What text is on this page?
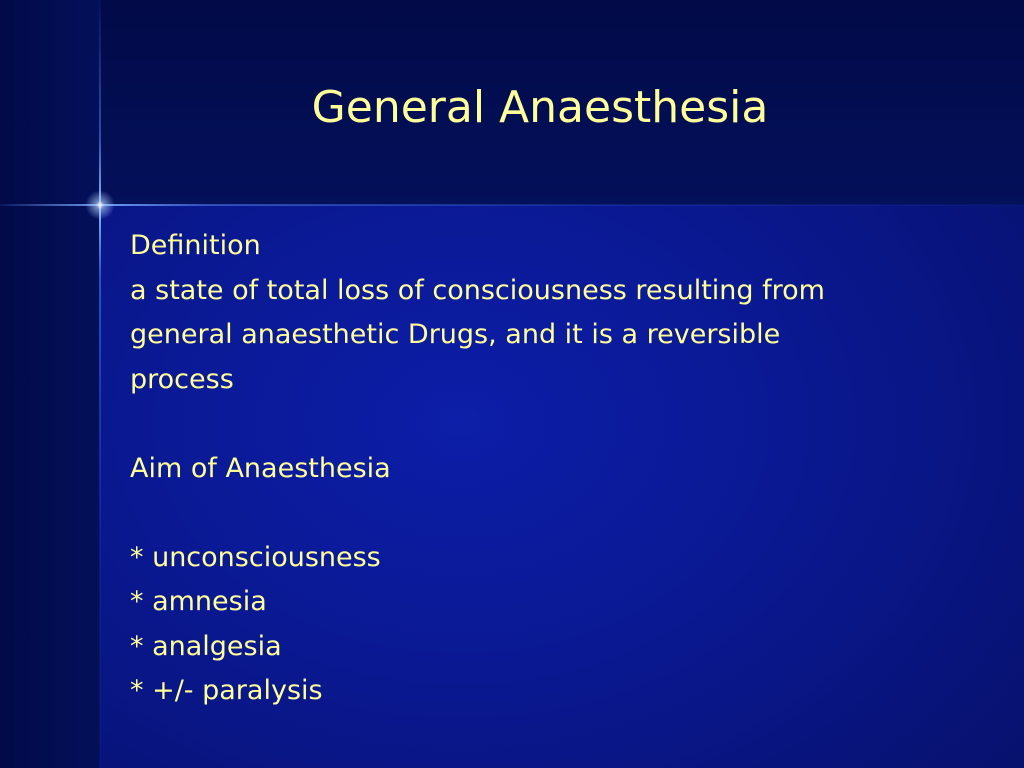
General Anaesthesia
Definition
a state of total loss of consciousness resulting from
general anaesthetic Drugs, and it is a reversible
process
Aim of Anaesthesia
* unconsciousness
* amnesia
* analgesia
* +/- paralysis
